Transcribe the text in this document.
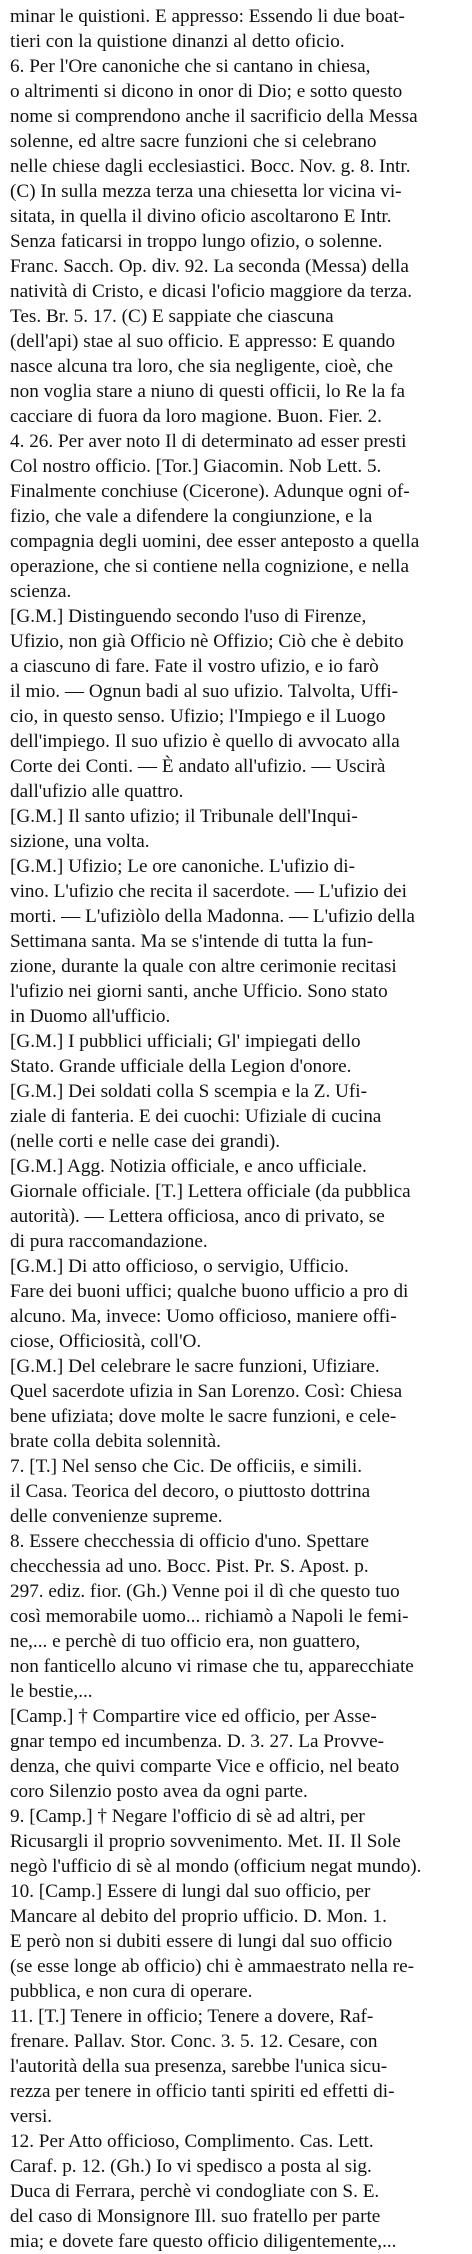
minar le quistioni. E appresso: Essendo li due boat-
tieri con la quistione dinanzi al detto oficio.
6. Per l'Ore canoniche che si cantano in chiesa,
o altrimenti si dicono in onor di Dio; e sotto questo
nome si comprendono anche il sacrificio della Messa
solenne, ed altre sacre funzioni che si celebrano
nelle chiese dagli ecclesiastici. Bocc. Nov. g. 8. Intr.
(C) In sulla mezza terza una chiesetta lor vicina vi-
sitata, in quella il divino oficio ascoltarono E Intr.
Senza faticarsi in troppo lungo ofizio, o solenne.
Franc. Sacch. Op. div. 92. La seconda (Messa) della
natività di Cristo, e dicasi l'oficio maggiore da terza.
Tes. Br. 5. 17. (C) E sappiate che ciascuna
(dell'api) stae al suo officio. E appresso: E quando
nasce alcuna tra loro, che sia negligente, cioè, che
non voglia stare a niuno di questi officii, lo Re la fa
cacciare di fuora da loro magione. Buon. Fier. 2.
4. 26. Per aver noto Il di determinato ad esser presti
Col nostro officio. [Tor.] Giacomin. Nob Lett. 5.
Finalmente conchiuse (Cicerone). Adunque ogni of-
fizio, che vale a difendere la congiunzione, e la
compagnia degli uomini, dee esser anteposto a quella
operazione, che si contiene nella cognizione, e nella
scienza.
[G.M.] Distinguendo secondo l'uso di Firenze,
Ufizio, non già Officio nè Offizio; Ciò che è debito
a ciascuno di fare. Fate il vostro ufizio, e io farò
il mio. — Ognun badi al suo ufizio. Talvolta, Uffi-
cio, in questo senso. Ufizio; l'Impiego e il Luogo
dell'impiego. Il suo ufizio è quello di avvocato alla
Corte dei Conti. — È andato all'ufizio. — Uscirà
dall'ufizio alle quattro.
[G.M.] Il santo ufizio; il Tribunale dell'Inqui-
sizione, una volta.
[G.M.] Ufizio; Le ore canoniche. L'ufizio di-
vino. L'ufizio che recita il sacerdote. — L'ufizio dei
morti. — L'ufiziòlo della Madonna. — L'ufizio della
Settimana santa. Ma se s'intende di tutta la fun-
zione, durante la quale con altre cerimonie recitasi
l'ufizio nei giorni santi, anche Ufficio. Sono stato
in Duomo all'ufficio.
[G.M.] I pubblici ufficiali; Gl' impiegati dello
Stato. Grande ufficiale della Legion d'onore.
[G.M.] Dei soldati colla S scempia e la Z. Ufi-
ziale di fanteria. E dei cuochi: Ufiziale di cucina
(nelle corti e nelle case dei grandi).
[G.M.] Agg. Notizia officiale, e anco ufficiale.
Giornale officiale. [T.] Lettera officiale (da pubblica
autorità). — Lettera officiosa, anco di privato, se
di pura raccomandazione.
[G.M.] Di atto officioso, o servigio, Ufficio.
Fare dei buoni uffici; qualche buono ufficio a pro di
alcuno. Ma, invece: Uomo officioso, maniere offi-
ciose, Officiosità, coll'O.
[G.M.] Del celebrare le sacre funzioni, Ufiziare.
Quel sacerdote ufizia in San Lorenzo. Così: Chiesa
bene ufiziata; dove molte le sacre funzioni, e cele-
brate colla debita solennità.
7. [T.] Nel senso che Cic. De officiis, e simili.
il Casa. Teorica del decoro, o piuttosto dottrina
delle convenienze supreme.
8. Essere checchessia di officio d'uno. Spettare
checchessia ad uno. Bocc. Pist. Pr. S. Apost. p.
297. ediz. fior. (Gh.) Venne poi il dì che questo tuo
così memorabile uomo... richiamò a Napoli le femi-
ne,... e perchè di tuo officio era, non guattero,
non fanticello alcuno vi rimase che tu, apparecchiate
le bestie,...
[Camp.] † Compartire vice ed officio, per Asse-
gnar tempo ed incumbenza. D. 3. 27. La Provve-
denza, che quivi comparte Vice e officio, nel beato
coro Silenzio posto avea da ogni parte.
9. [Camp.] † Negare l'officio di sè ad altri, per
Ricusargli il proprio sovvenimento. Met. II. Il Sole
negò l'ufficio di sè al mondo (officium negat mundo).
10. [Camp.] Essere di lungi dal suo officio, per
Mancare al debito del proprio ufficio. D. Mon. 1.
E però non si dubiti essere di lungi dal suo officio
(se esse longe ab officio) chi è ammaestrato nella re-
pubblica, e non cura di operare.
11. [T.] Tenere in officio; Tenere a dovere, Raf-
frenare. Pallav. Stor. Conc. 3. 5. 12. Cesare, con
l'autorità della sua presenza, sarebbe l'unica sicu-
rezza per tenere in officio tanti spiriti ed effetti di-
versi.
12. Per Atto officioso, Complimento. Cas. Lett.
Caraf. p. 12. (Gh.) Io vi spedisco a posta al sig.
Duca di Ferrara, perchè vi condogliate con S. E.
del caso di Monsignore Ill. suo fratello per parte
mia; e dovete fare questo officio diligentemente,...
